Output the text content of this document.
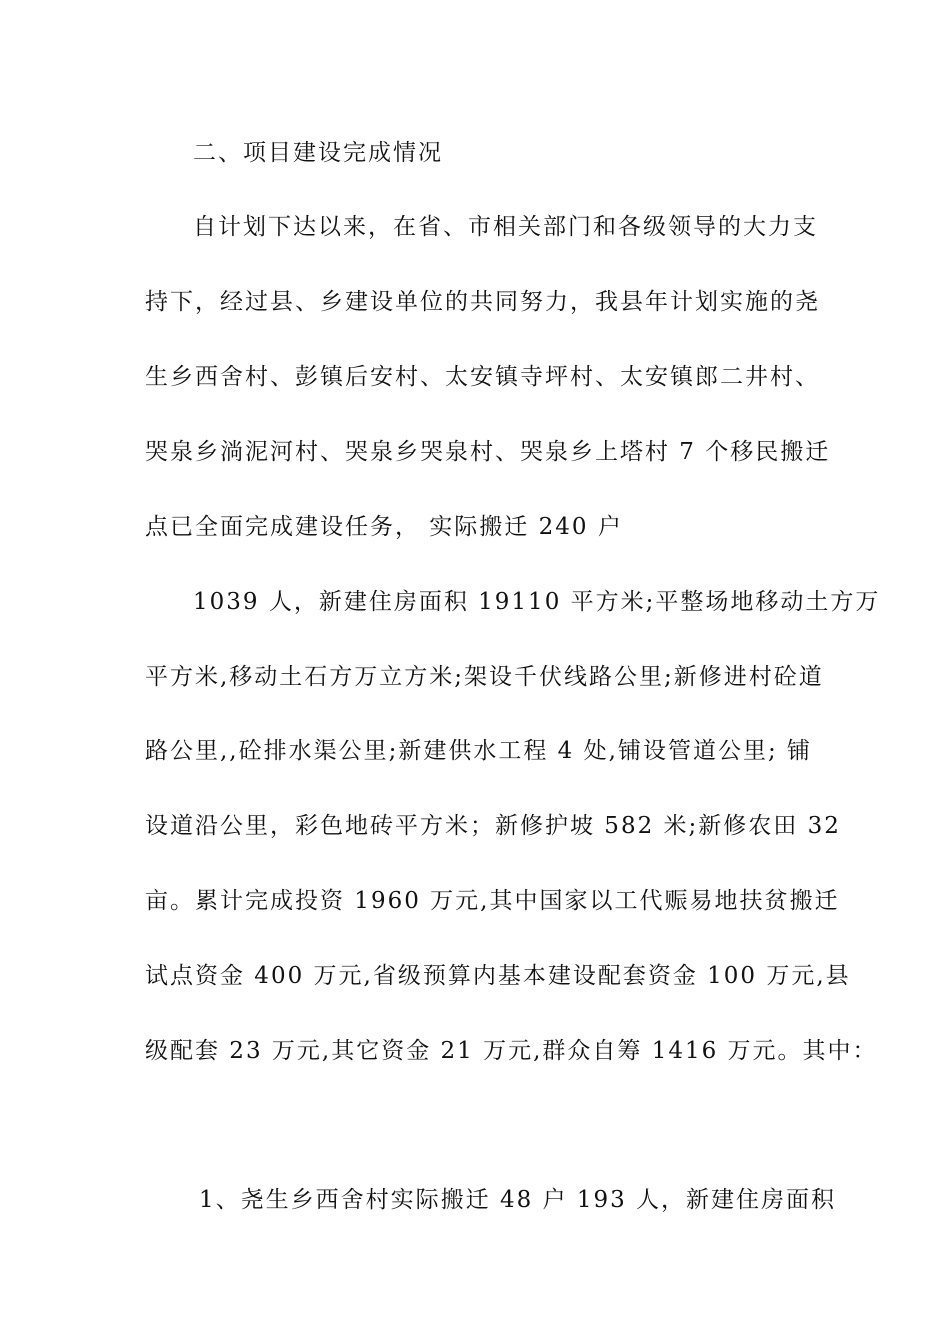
二、项目建设完成情况
自计划下达以来，在省、市相关部门和各级领导的大力支
持下，经过县、乡建设单位的共同努力，我县年计划实施的尧
生乡西舍村、彭镇后安村、太安镇寺坪村、太安镇郎二井村、
哭泉乡淌泥河村、哭泉乡哭泉村、哭泉乡上塔村 7 个移民搬迁
点已全面完成建设任务， 实际搬迁 240 户
1039 人，新建住房面积 19110 平方米;平整场地移动土方万
平方米,移动土石方万立方米;架设千伏线路公里;新修进村砼道
路公里,,砼排水渠公里;新建供水工程 4 处,铺设管道公里; 铺
设道沿公里，彩色地砖平方米；新修护坡 582 米;新修农田 32
亩。累计完成投资 1960 万元,其中国家以工代赈易地扶贫搬迁
试点资金 400 万元,省级预算内基本建设配套资金 100 万元,县
级配套 23 万元,其它资金 21 万元,群众自筹 1416 万元。其中：
1、尧生乡西舍村实际搬迁 48 户 193 人，新建住房面积
